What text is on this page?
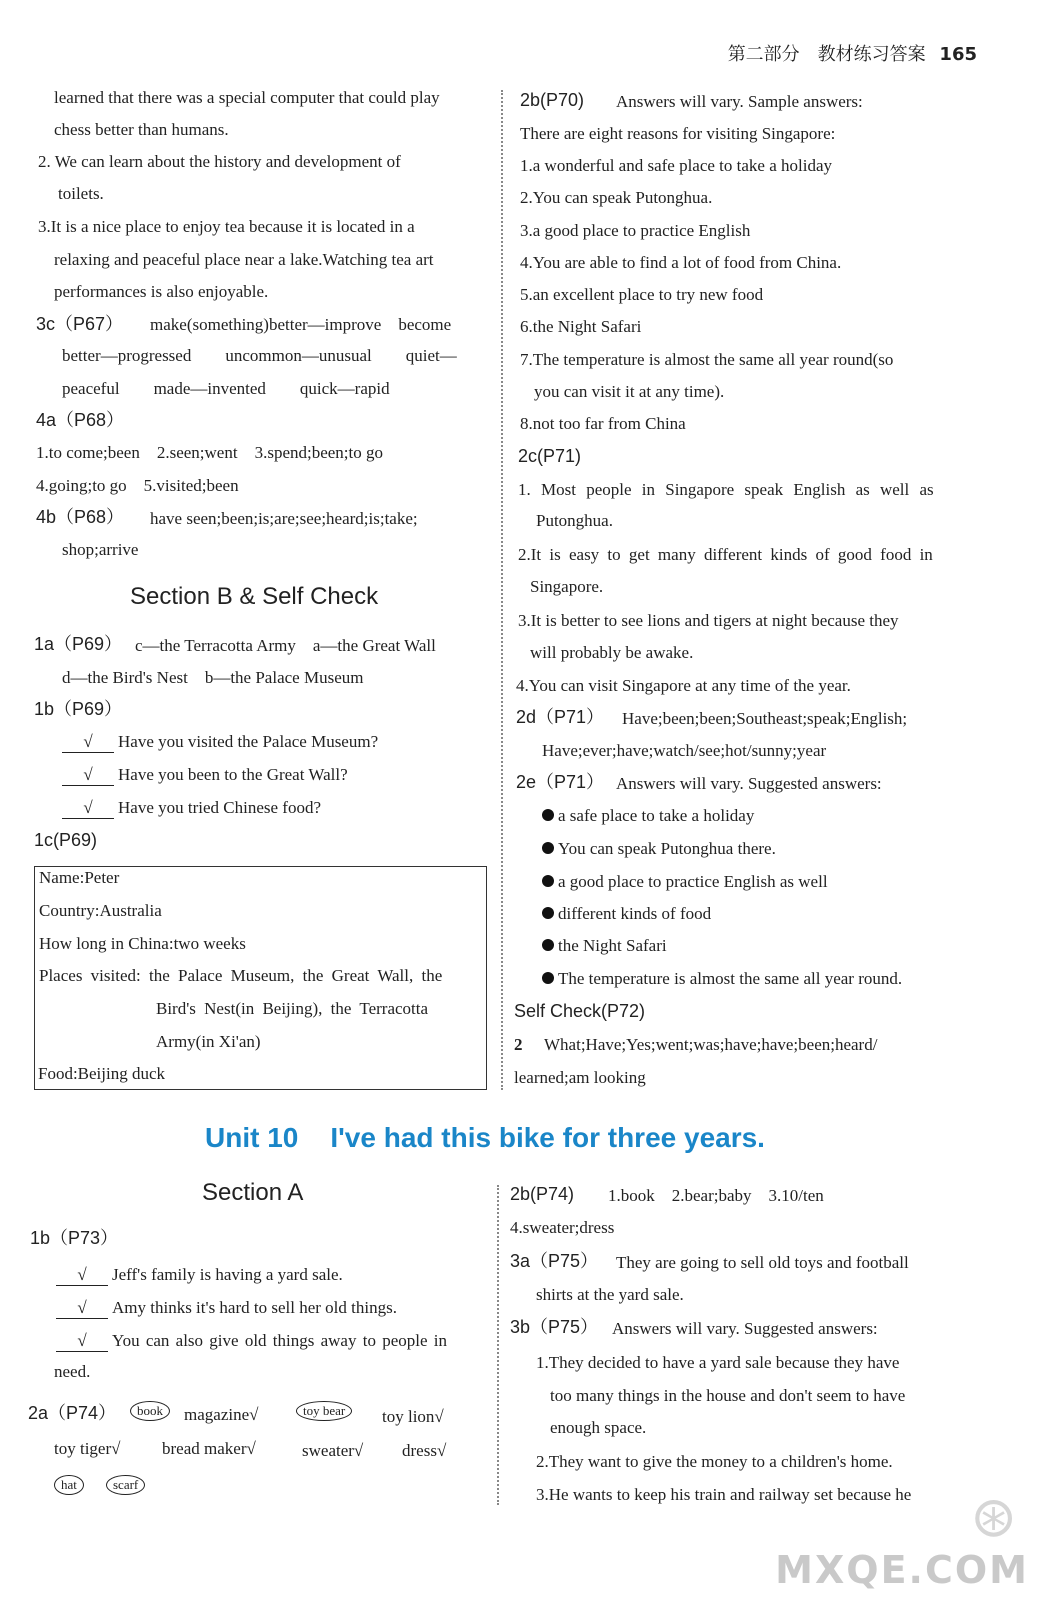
第二部分　教材练习答案 165
learned that there was a special computer that could play
chess better than humans.
2. We can learn about the history and development of
toilets.
3.It is a nice place to enjoy tea because it is located in a
relaxing and peaceful place near a lake.Watching tea art
performances is also enjoyable.
3c（P67） make(something)better—improve　become
better—progressed　　uncommon—unusual　　quiet—
peaceful　　made—invented　　quick—rapid
4a（P68）
1.to come;been　2.seen;went　3.spend;been;to go
4.going;to go　5.visited;been
4b（P68） have seen;been;is;are;see;heard;is;take;
shop;arrive
Section B & Self Check
1a（P69） c—the Terracotta Army　a—the Great Wall
d—the Bird's Nest　b—the Palace Museum
1b（P69）
√ Have you visited the Palace Museum?
√ Have you been to the Great Wall?
√ Have you tried Chinese food?
1c(P69)
Name:Peter
Country:Australia
How long in China:two weeks
Places visited: the Palace Museum, the Great Wall, the
Bird's Nest(in Beijing), the Terracotta
Army(in Xi'an)
Food:Beijing duck
2b(P70) Answers will vary. Sample answers:
There are eight reasons for visiting Singapore:
1.a wonderful and safe place to take a holiday
2.You can speak Putonghua.
3.a good place to practice English
4.You are able to find a lot of food from China.
5.an excellent place to try new food
6.the Night Safari
7.The temperature is almost the same all year round(so
you can visit it at any time).
8.not too far from China
2c(P71)
1. Most people in Singapore speak English as well as
Putonghua.
2.It is easy to get many different kinds of good food in
Singapore.
3.It is better to see lions and tigers at night because they
will probably be awake.
4.You can visit Singapore at any time of the year.
2d（P71） Have;been;been;Southeast;speak;English;
Have;ever;have;watch/see;hot/sunny;year
2e（P71） Answers will vary. Suggested answers:
a safe place to take a holiday
You can speak Putonghua there.
a good place to practice English as well
different kinds of food
the Night Safari
The temperature is almost the same all year round.
Self Check(P72)
2 What;Have;Yes;went;was;have;have;been;heard/
learned;am looking
Unit 10 I've had this bike for three years.
Section A
1b（P73）
√ Jeff's family is having a yard sale.
√ Amy thinks it's hard to sell her old things.
√ You can also give old things away to people in
need.
2a（P74）	book	magazine√	toy bear	toy lion√
toy tiger√ bread maker√	sweater√ dress√
hat	scarf
2b(P74) 1.book　2.bear;baby　3.10/ten
4.sweater;dress
3a（P75） They are going to sell old toys and football
shirts at the yard sale.
3b（P75） Answers will vary. Suggested answers:
1.They decided to have a yard sale because they have
too many things in the house and don't seem to have
enough space.
2.They want to give the money to a children's home.
3.He wants to keep his train and railway set because he ⊛
MXQE.COM
